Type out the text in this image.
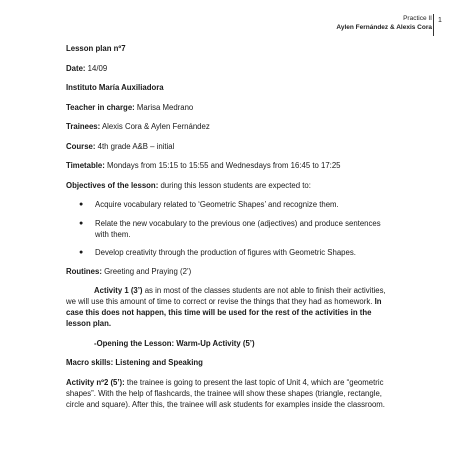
Practice II
Aylen Fernández & Alexis Cora
1

Lesson plan nº7

Date: 14/09

Instituto María Auxiliadora

Teacher in charge: Marisa Medrano

Trainees: Alexis Cora & Aylen Fernández

Course: 4th grade A&B – initial

Timetable: Mondays from 15:15 to 15:55 and Wednesdays from 16:45 to 17:25

Objectives of the lesson: during this lesson students are expected to:

● Acquire vocabulary related to ‘Geometric Shapes’ and recognize them.
● Relate the new vocabulary to the previous one (adjectives) and produce sentences with them.
● Develop creativity through the production of figures with Geometric Shapes.

Routines: Greeting and Praying (2’)

Activity 1 (3’) as in most of the classes students are not able to finish their activities, we will use this amount of time to correct or revise the things that they had as homework. In case this does not happen, this time will be used for the rest of the activities in the lesson plan.

-Opening the Lesson: Warm-Up Activity (5’)

Macro skills: Listening and Speaking

Activity nº2 (5’): the trainee is going to present the last topic of Unit 4, which are “geometric shapes”. With the help of flashcards, the trainee will show these shapes (triangle, rectangle, circle and square). After this, the trainee will ask students for examples inside the classroom.
